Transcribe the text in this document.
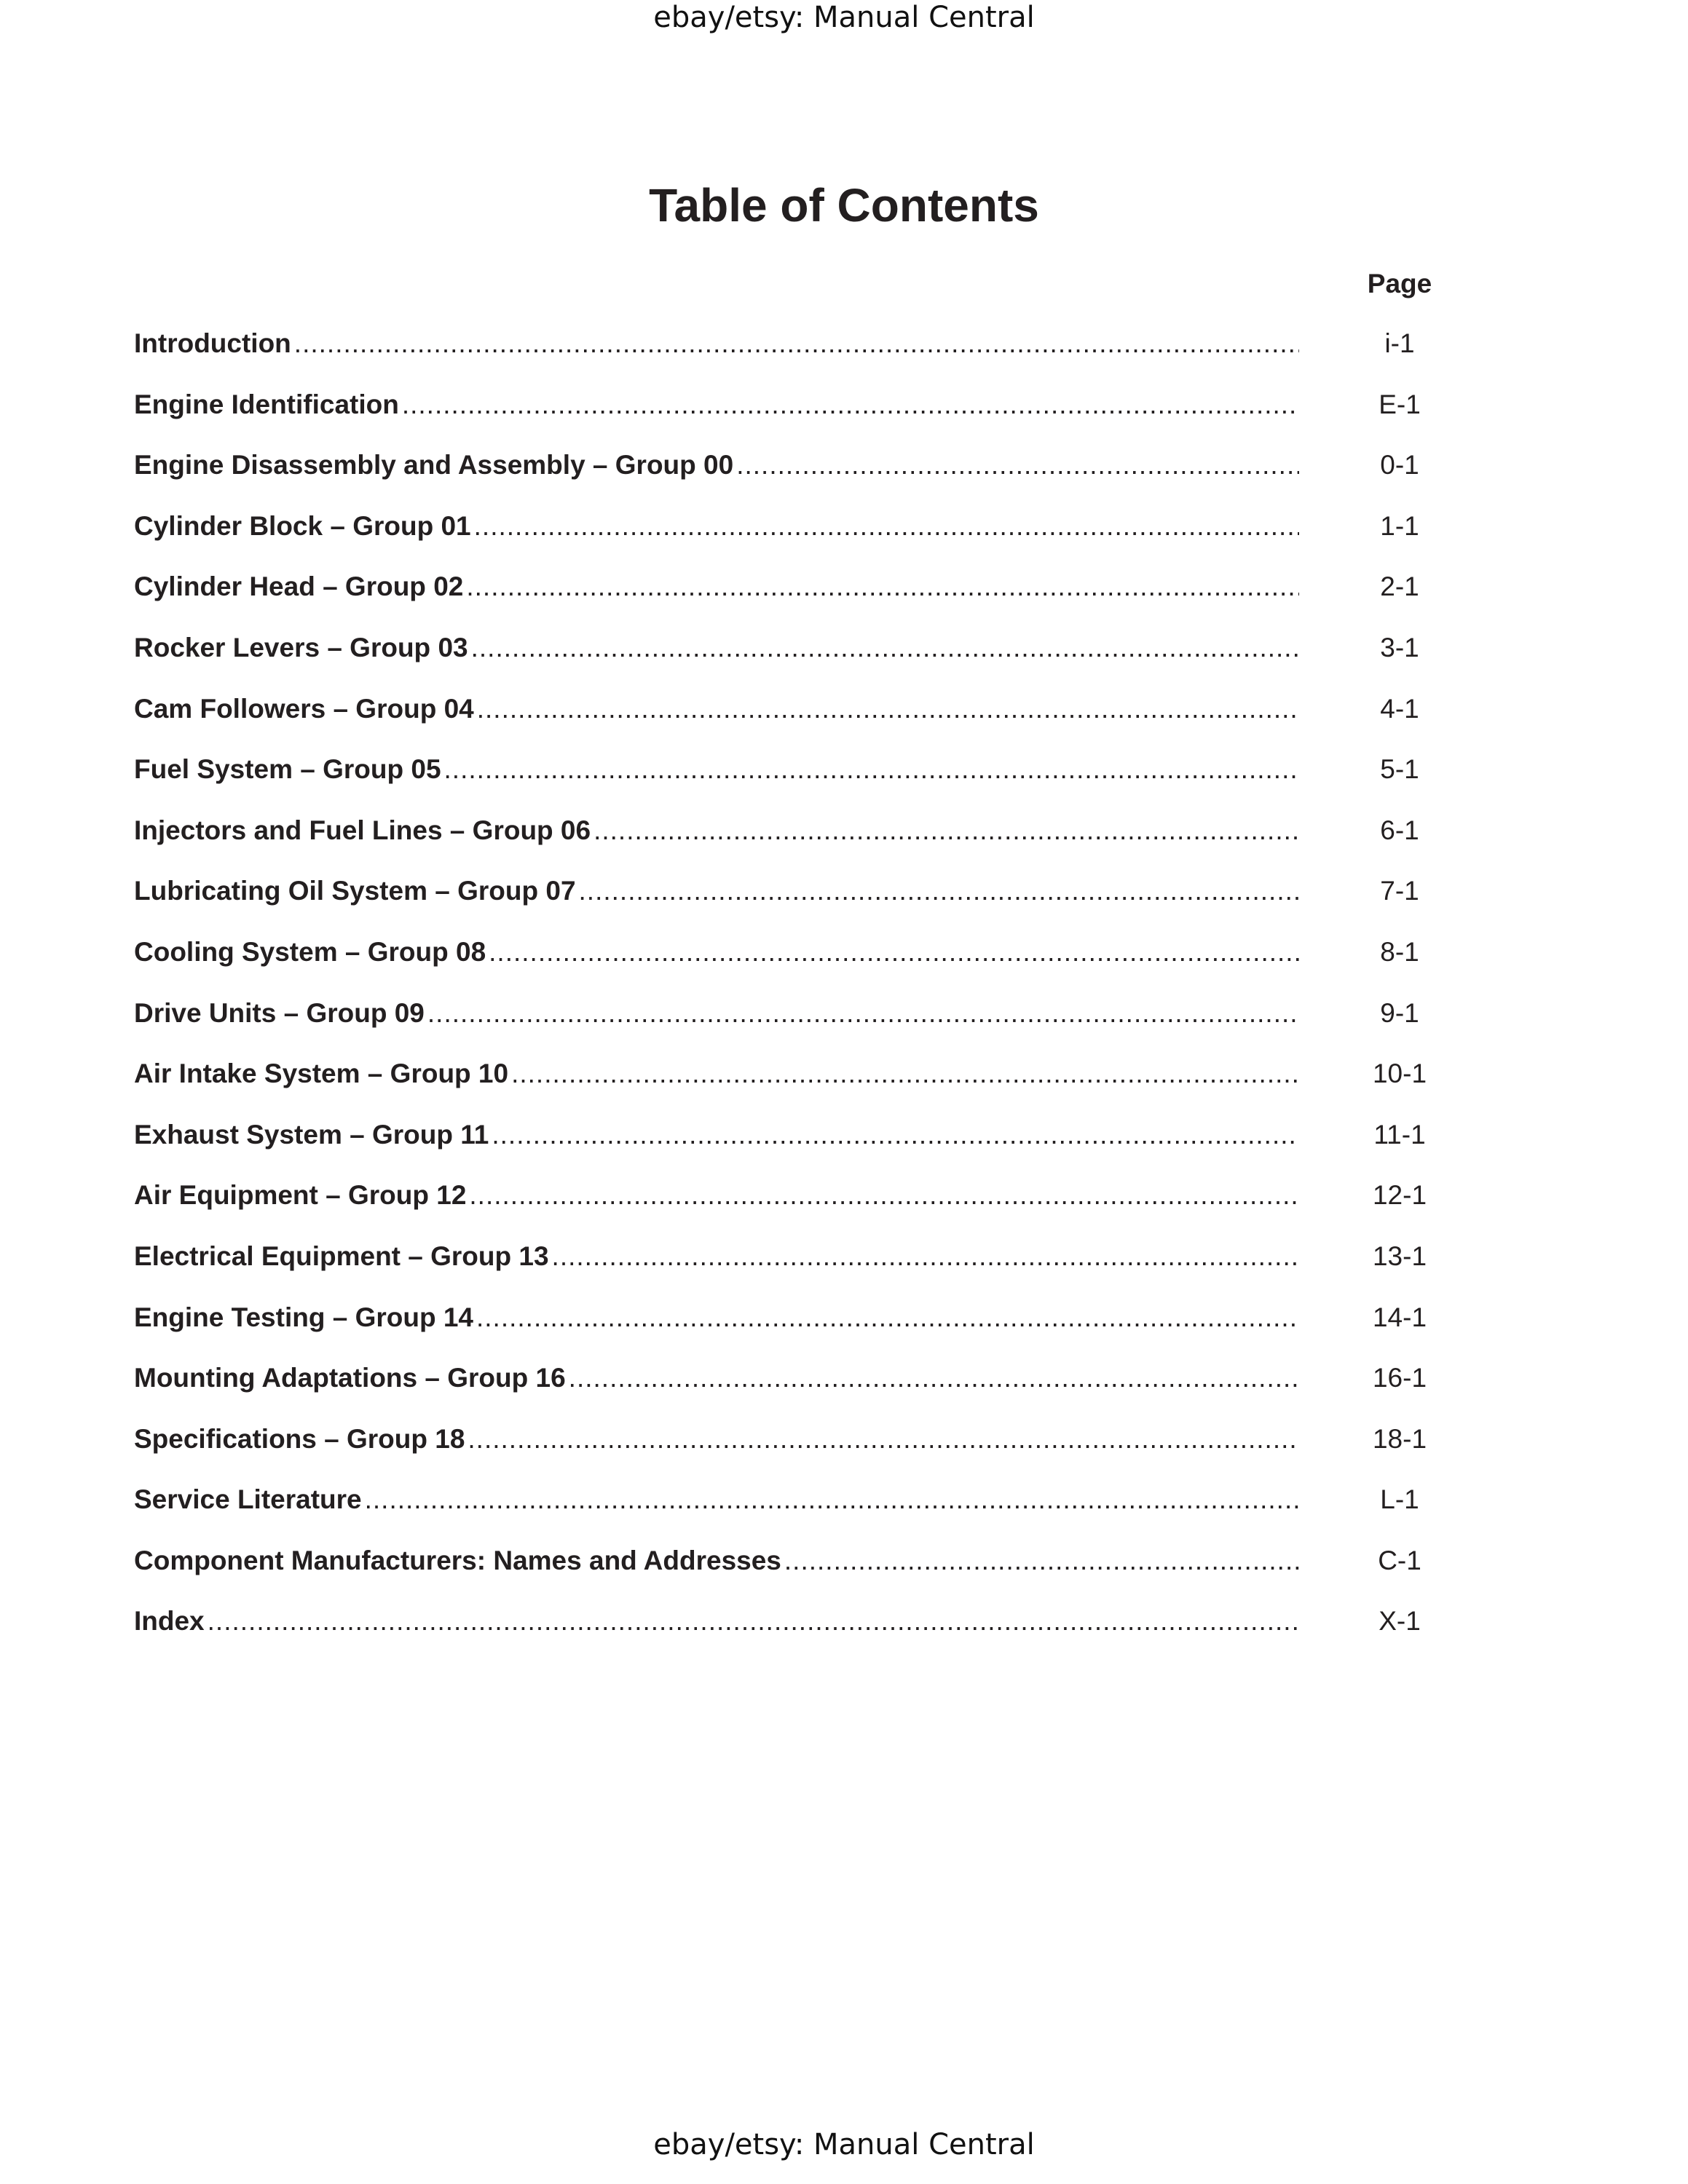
ebay/etsy: Manual Central
Table of Contents
Page
Introduction .....	i-1
Engine Identification .....	E-1
Engine Disassembly and Assembly – Group 00 .....	0-1
Cylinder Block – Group 01 .....	1-1
Cylinder Head – Group 02 .....	2-1
Rocker Levers – Group 03 .....	3-1
Cam Followers – Group 04 .....	4-1
Fuel System – Group 05 .....	5-1
Injectors and Fuel Lines – Group 06 .....	6-1
Lubricating Oil System – Group 07 .....	7-1
Cooling System – Group 08 .....	8-1
Drive Units – Group 09 .....	9-1
Air Intake System – Group 10 .....	10-1
Exhaust System – Group 11 .....	11-1
Air Equipment – Group 12 .....	12-1
Electrical Equipment – Group 13 .....	13-1
Engine Testing – Group 14 .....	14-1
Mounting Adaptations – Group 16 .....	16-1
Specifications – Group 18 .....	18-1
Service Literature .....	L-1
Component Manufacturers: Names and Addresses .....	C-1
Index .....	X-1
ebay/etsy: Manual Central
